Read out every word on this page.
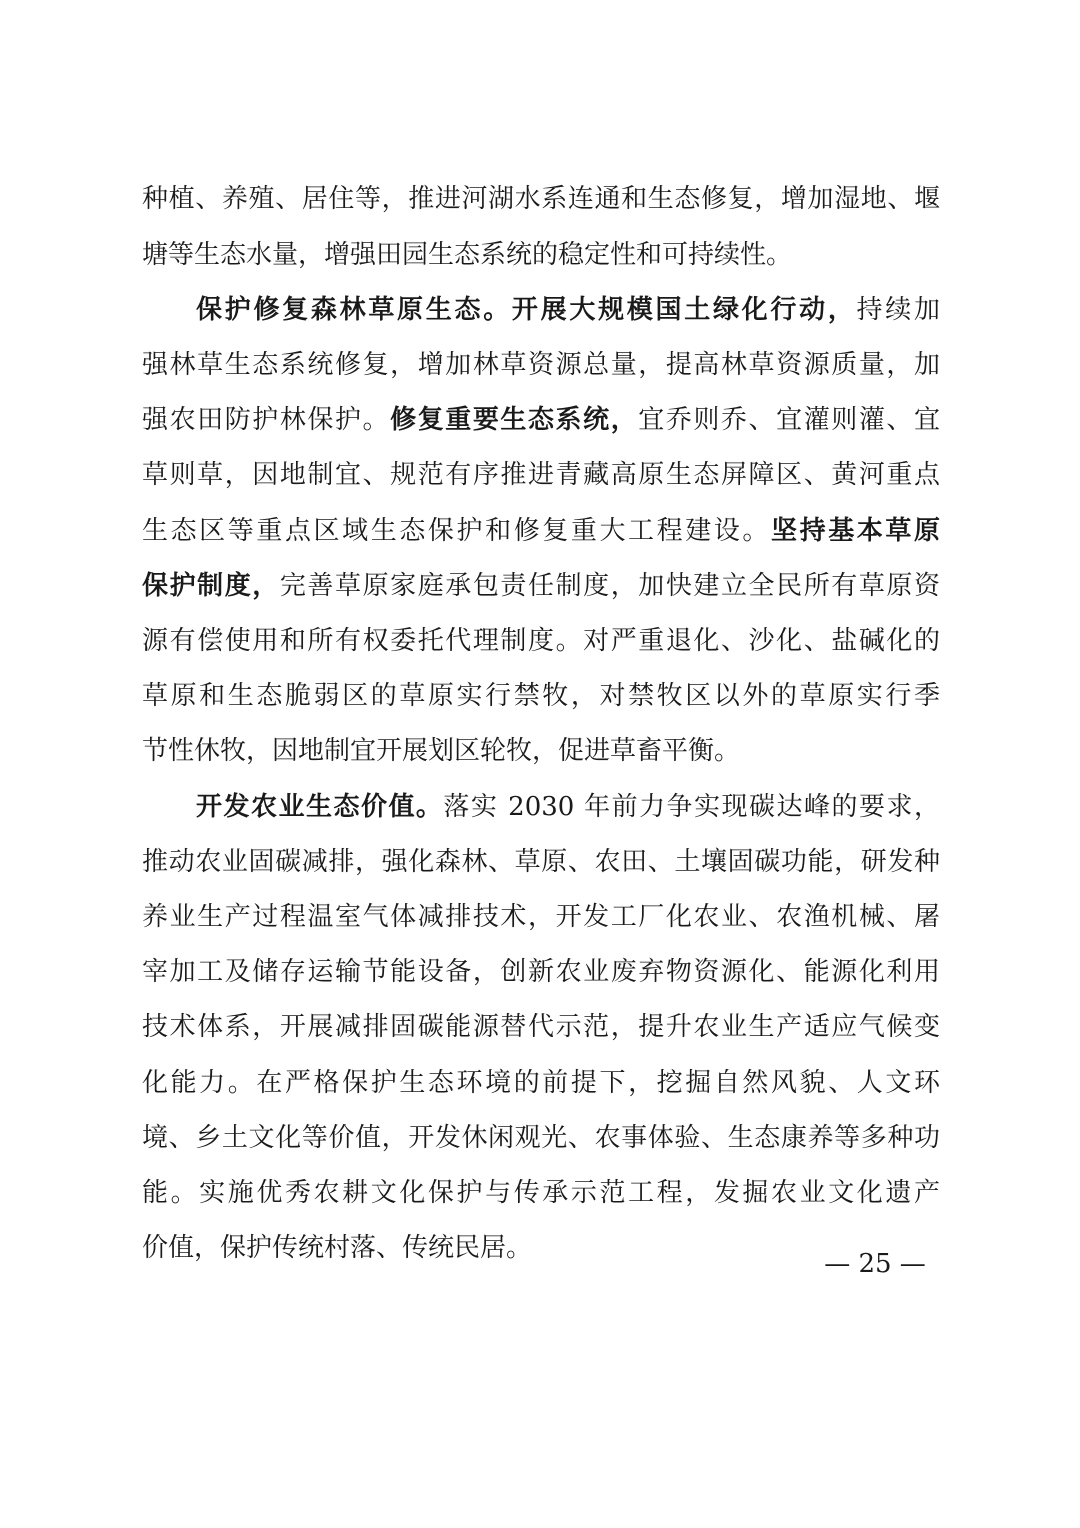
种植、养殖、居住等，推进河湖水系连通和生态修复，增加湿地、堰
塘等生态水量，增强田园生态系统的稳定性和可持续性。
保护修复森林草原生态。开展大规模国土绿化行动，持续加
强林草生态系统修复，增加林草资源总量，提高林草资源质量，加
强农田防护林保护。修复重要生态系统，宜乔则乔、宜灌则灌、宜
草则草，因地制宜、规范有序推进青藏高原生态屏障区、黄河重点
生态区等重点区域生态保护和修复重大工程建设。坚持基本草原
保护制度，完善草原家庭承包责任制度，加快建立全民所有草原资
源有偿使用和所有权委托代理制度。对严重退化、沙化、盐碱化的
草原和生态脆弱区的草原实行禁牧，对禁牧区以外的草原实行季
节性休牧，因地制宜开展划区轮牧，促进草畜平衡。
开发农业生态价值。落实 2030 年前力争实现碳达峰的要求，
推动农业固碳减排，强化森林、草原、农田、土壤固碳功能，研发种
养业生产过程温室气体减排技术，开发工厂化农业、农渔机械、屠
宰加工及储存运输节能设备，创新农业废弃物资源化、能源化利用
技术体系，开展减排固碳能源替代示范，提升农业生产适应气候变
化能力。在严格保护生态环境的前提下，挖掘自然风貌、人文环
境、乡土文化等价值，开发休闲观光、农事体验、生态康养等多种功
能。实施优秀农耕文化保护与传承示范工程，发掘农业文化遗产
价值，保护传统村落、传统民居。
— 25 —
